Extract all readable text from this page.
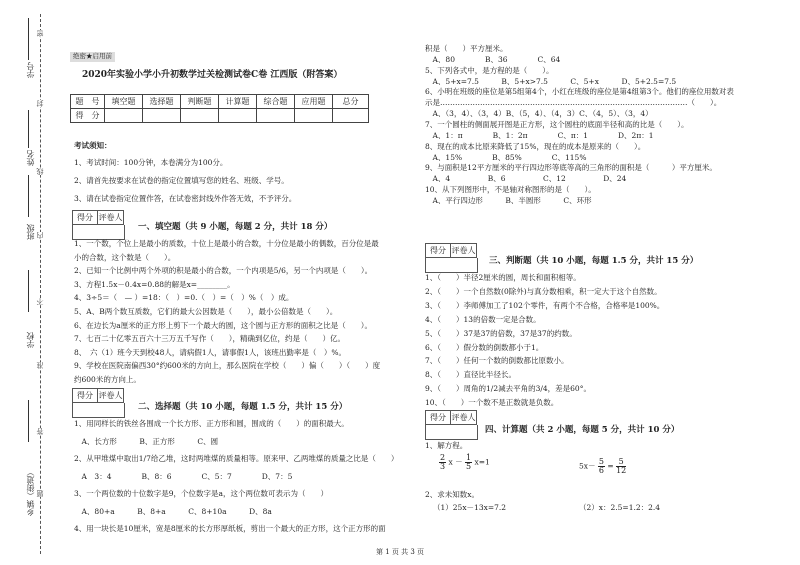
学号
姓名
班级
学校
乡镇（街道）
密
封
线
内
不
准
答
题
绝密★启用前
2020年实验小学小升初数学过关检测试卷C卷 江西版（附答案）
题　号	填空题	选择题	判断题	计算题	综合题	应用题	总分
得　分							
考试须知：
1、考试时间：100分钟，本卷满分为100分。
2、请首先按要求在试卷的指定位置填写您的姓名、班级、学号。
3、请在试卷指定位置作答，在试卷密封线外作答无效，不予评分。
得分 评卷人
一、填空题（共 9 小题，每题 2 分，共计 18 分）
1、一个数，个位上是最小的质数，十位上是最小的合数，十分位是最小的偶数，百分位是最
小的合数，这个数是（　　）。
2、已知一个比例中两个外项的积是最小的合数，一个内项是5/6，另一个内项是（　　）。
3、方程1.5x－0.4x=0.88的解是x=________。
4、3÷5＝（　— ）=18：（　）=0.（　）=（　）%（　）成。
5、A、B两个数互质数，它们的最大公因数是（　　），最小公倍数是（　　）。
6、在边长为a厘米的正方形上剪下一个最大的圆，这个圆与正方形的面积之比是（　　）。
7、七百二十亿零五百六十三万五千写作（　　），精确到亿位，约是（　　）亿。
8、　六（1）班今天到校48人，请病假1人，请事假1人，该班出勤率是（　）%。
9、学校在医院南偏西30°约600米的方向上，那么医院在学校（　　）偏（　　）（　　）度
约600米的方向上。
得分 评卷人
二、选择题（共 10 小题，每题 1.5 分，共计 15 分）
1、用同样长的铁丝各围成一个长方形、正方形和圆，围成的（　　）的面积最大。
　A、长方形　　　B、正方形　　　C、圆
2、从甲堆煤中取出1/7给乙堆，这时两堆煤的质量相等。原来甲、乙两堆煤的质量之比是（　　）
　A　3：4　　　　B、8：6　　　　C、5：7　　　　D、7：5
3、一个两位数的十位数字是9，个位数字是a，这个两位数可表示为（　　）
　A、80+a　　　B、8+a　　　C、8+10a　　　D、8a
4、用一块长是10厘米，宽是8厘米的长方形厚纸板，剪出一个最大的正方形，这个正方形的面
积是（　　）平方厘米。
　A、80　　　　B、36　　　　C、64
5、下列各式中，是方程的是（　　）。
　A、5+x=7.5　　　B、5+x>7.5　　　C、5+x　　　D、5+2.5=7.5
6、小明在班级的座位是第5组第4个，小红在班级的座位是第4组第3个。他们的座位用数对表
示是………………………………………………………………………………………（　　）。
　A、（3，4）、（3，4）B、（5，4）、（4，3）C、（4，5）、（3，4）
7、一个圆柱的侧面展开图是正方形，这个圆柱的底面半径和高的比是（　　）。
　A、1：π　　　　B、1：2π　　　　C、π：1　　　　D、2π：1
8、现在的成本比原来降低了15%，现在的成本是原来的（　　）。
　A、15%　　　　B、85%　　　　C、115%
9、与面积是12平方厘米的平行四边形等底等高的三角形的面积是（　　　）平方厘米。
　A、4　　　　　B、6　　　　　C、12　　　　　D、24
10、从下列图形中，不是轴对称图形的是（　　）。
　A、平行四边形　　　B、半圆形　　　C、环形
得分 评卷人
三、判断题（共 10 小题，每题 1.5 分，共计 15 分）
1、（　　）半径2厘米的圆，周长和面积相等。
2、（　　）一个自然数(0除外)与真分数相乘，积一定大于这个自然数。
3、（　　）李师傅加工了102个零件，有两个不合格，合格率是100%。
4、（　　）13的倍数一定是合数。
5、（　　）37是37的倍数，37是37的约数。
6、（　　）假分数的倒数都小于1。
7、（　　）任何一个数的倒数都比原数小。
8、（　　）直径比半径长。
9、（　　）周角的1/2减去平角的3/4，差是60°。
10、（　　）一个数不是正数就是负数。
得分 评卷人
四、计算题（共 2 小题，每题 5 分，共计 10 分）
1、解方程。
$\frac{2}{3}$ $x - \frac{1}{5} x=1$	$5x- \frac{5}{6} = \frac{5}{12}$
2、求未知数x。
（1）25x－13x=7.2	（2）x：2.5=1.2：2.4
第 1 页 共 3 页
